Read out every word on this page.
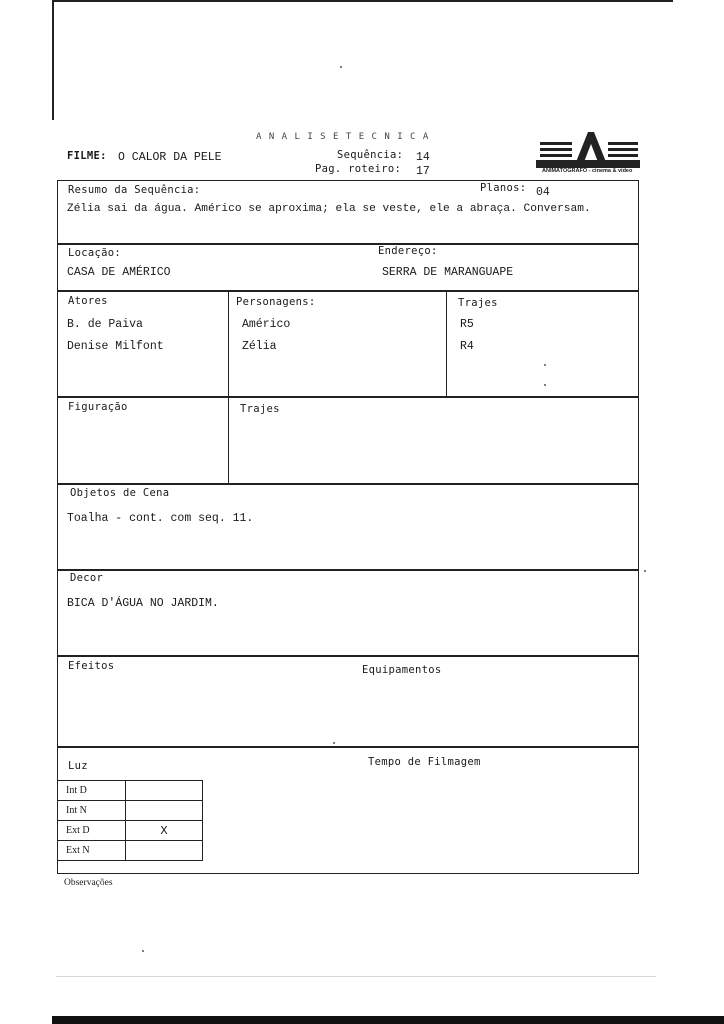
A N A L I S E T E C N I C A
FILME: O CALOR DA PELE	Sequência: 14
Pag. roteiro: 17	ANIMATÓGRAFO - cinema & vídeo
Resumo da Sequência:	Planos: 04
Zélia sai da água. Américo se aproxima; ela se veste, ele a abraça. Conversam.
Locação:
CASA DE AMÉRICO
Endereço:
SERRA DE MARANGUAPE
Atores	Personagens:	Trajes
B. de Paiva	Américo	R5
Denise Milfont	Zélia	R4
Figuração	Trajes
Objetos de Cena
Toalha - cont. com seq. 11.
Decor
BICA D'ÁGUA NO JARDIM.
Efeitos	Equipamentos
Luz	Tempo de Filmagem
Int D	
Int N	
Ext D	X
Ext N	
Observações
